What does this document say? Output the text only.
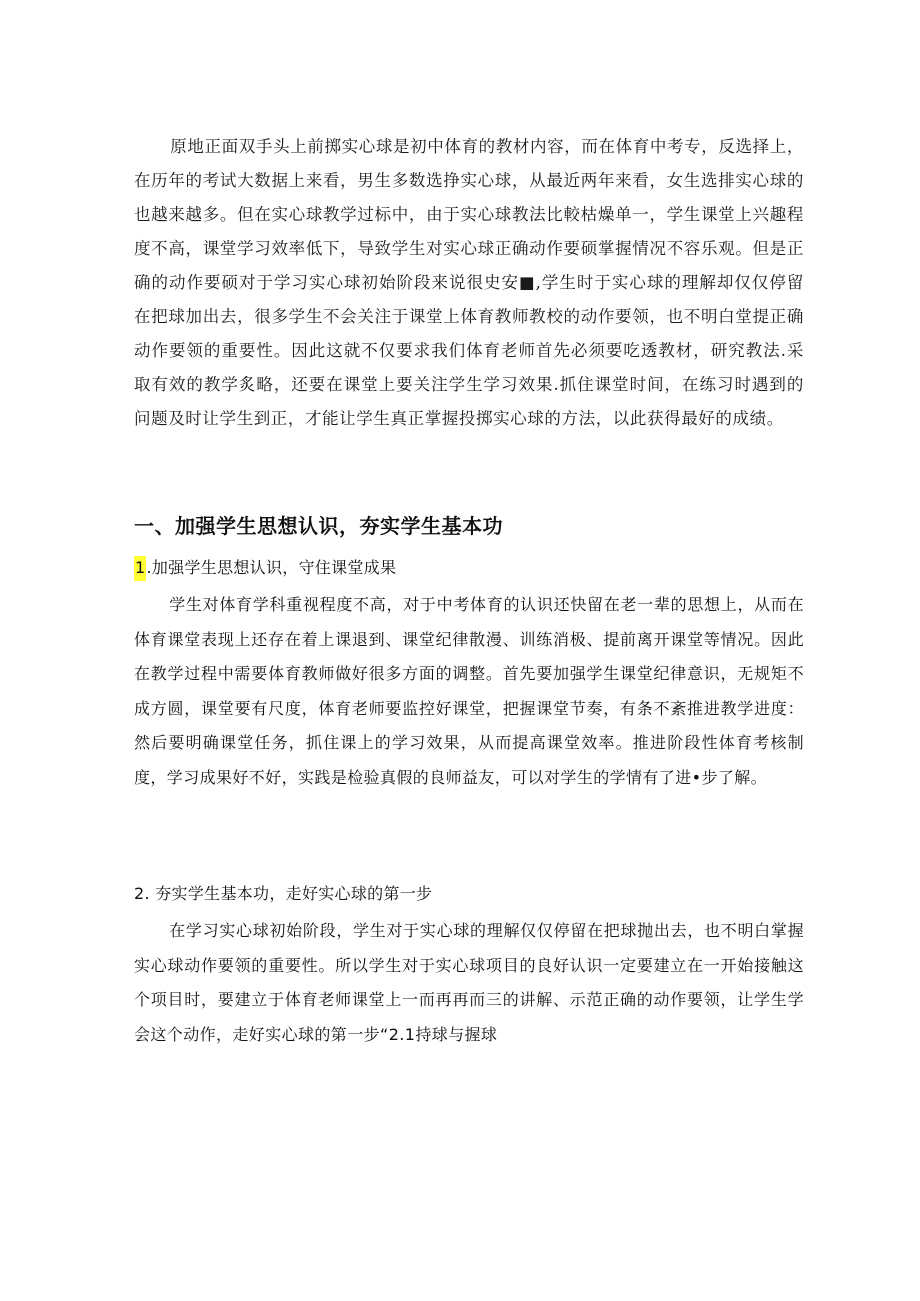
原地正面双手头上前掷实心球是初中体育的教材内容，而在体育中考专，反选择上，在历年的考试大数据上来看，男生多数选挣实心球，从最近两年来看，女生选排实心球的也越来越多。但在实心球教学过标中，由于实心球教法比較枯燥单一，学生课堂上兴趣程度不高，课堂学习效率低下，导致学生对实心球正确动作要硕掌握情况不容乐观。但是正确的动作要硕对于学习实心球初始阶段来说很史安■,学生时于实心球的理解却仅仅停留在把球加出去，很多学生不会关注于课堂上体育教师教校的动作要领，也不明白堂提正确动作要领的重要性。因此这就不仅要求我们体育老师首先必须要吃透教材，研究教法.采取有效的教学炙略，还要在课堂上要关注学生学习效果.抓住课堂时间，在练习时遇到的问题及时让学生到正，才能让学生真正掌握投掷实心球的方法，以此获得最好的成绩。

一、加强学生思想认识，夯实学生基本功
1.加强学生思想认识，守住课堂成果

学生对体育学科重视程度不高，对于中考体育的认识还快留在老一辈的思想上，从而在体育课堂表现上还存在着上课退到、课堂纪律散漫、训练消极、提前离开课堂等情况。因此在教学过程中需要体育教师做好很多方面的调整。首先要加强学生课堂纪律意识，无规矩不成方圆，课堂要有尺度，体育老师要监控好课堂，把握课堂节奏，有条不紊推进教学进度：然后要明确课堂任务，抓住课上的学习效果，从而提高课堂效率。推进阶段性体育考核制度，学习成果好不好，实践是检验真假的良师益友，可以对学生的学情有了进•步了解。

2. 夯实学生基本功，走好实心球的第一步

在学习实心球初始阶段，学生对于实心球的理解仅仅停留在把球抛出去，也不明白掌握实心球动作要领的重要性。所以学生对于实心球项目的良好认识一定要建立在一开始接触这个项目时，要建立于体育老师课堂上一而再再而三的讲解、示范正确的动作要领，让学生学会这个动作，走好实心球的第一步“2.1持球与握球
